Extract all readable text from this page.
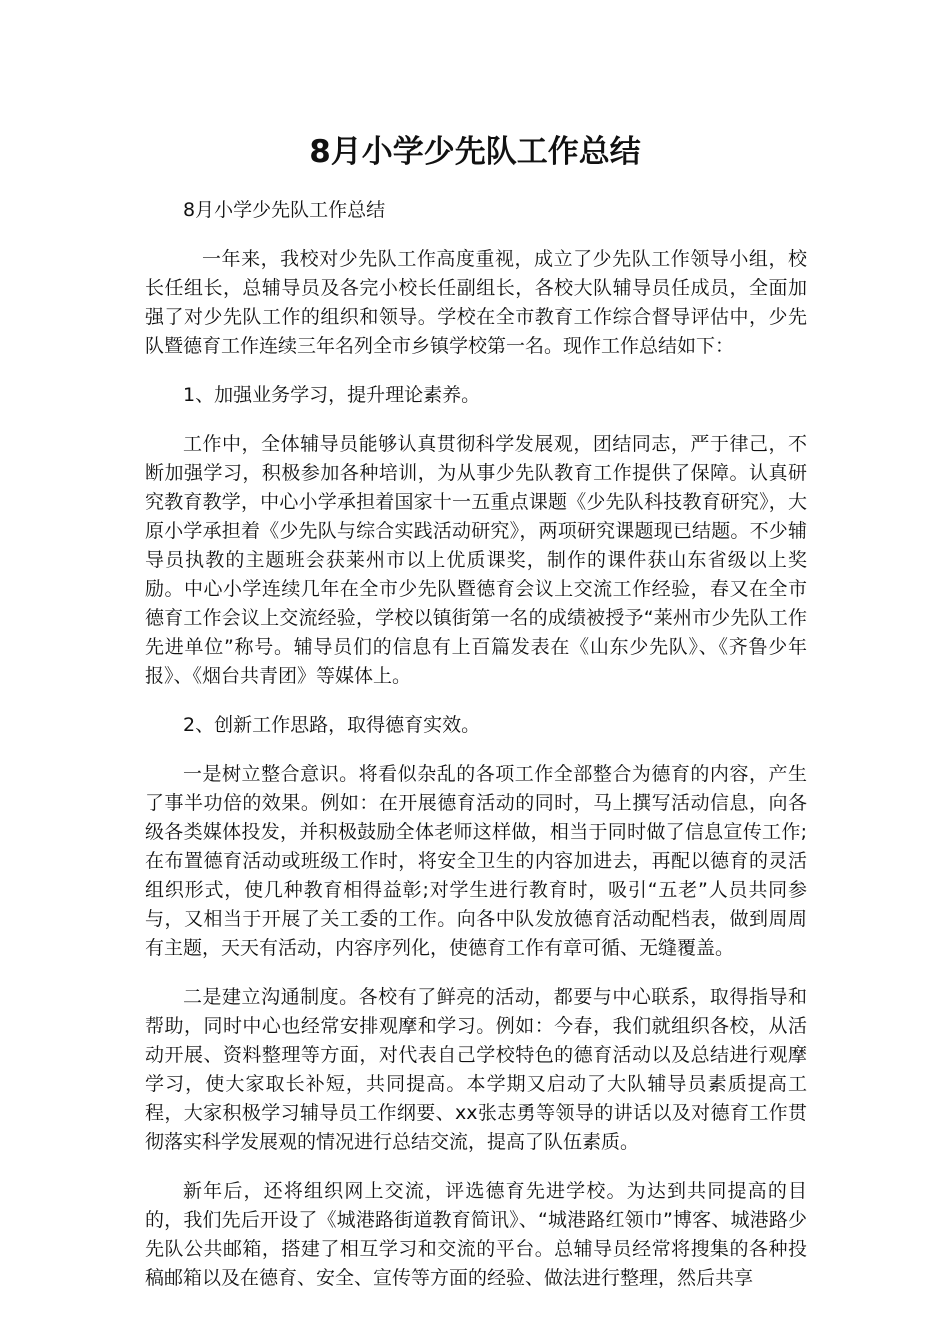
8月小学少先队工作总结

8月小学少先队工作总结

一年来，我校对少先队工作高度重视，成立了少先队工作领导小组，校长任组长，总辅导员及各完小校长任副组长，各校大队辅导员任成员，全面加强了对少先队工作的组织和领导。学校在全市教育工作综合督导评估中，少先队暨德育工作连续三年名列全市乡镇学校第一名。现作工作总结如下：

1、加强业务学习，提升理论素养。

工作中，全体辅导员能够认真贯彻科学发展观，团结同志，严于律己，不断加强学习，积极参加各种培训，为从事少先队教育工作提供了保障。认真研究教育教学，中心小学承担着国家十一五重点课题《少先队科技教育研究》，大原小学承担着《少先队与综合实践活动研究》，两项研究课题现已结题。不少辅导员执教的主题班会获莱州市以上优质课奖，制作的课件获山东省级以上奖励。中心小学连续几年在全市少先队暨德育会议上交流工作经验，春又在全市德育工作会议上交流经验，学校以镇街第一名的成绩被授予“莱州市少先队工作先进单位”称号。辅导员们的信息有上百篇发表在《山东少先队》、《齐鲁少年报》、《烟台共青团》等媒体上。

2、创新工作思路，取得德育实效。

一是树立整合意识。将看似杂乱的各项工作全部整合为德育的内容，产生了事半功倍的效果。例如：在开展德育活动的同时，马上撰写活动信息，向各级各类媒体投发，并积极鼓励全体老师这样做，相当于同时做了信息宣传工作;在布置德育活动或班级工作时，将安全卫生的内容加进去，再配以德育的灵活组织形式，使几种教育相得益彰;对学生进行教育时，吸引“五老”人员共同参与，又相当于开展了关工委的工作。向各中队发放德育活动配档表，做到周周有主题，天天有活动，内容序列化，使德育工作有章可循、无缝覆盖。

二是建立沟通制度。各校有了鲜亮的活动，都要与中心联系，取得指导和帮助，同时中心也经常安排观摩和学习。例如：今春，我们就组织各校，从活动开展、资料整理等方面，对代表自己学校特色的德育活动以及总结进行观摩学习，使大家取长补短，共同提高。本学期又启动了大队辅导员素质提高工程，大家积极学习辅导员工作纲要、xx张志勇等领导的讲话以及对德育工作贯彻落实科学发展观的情况进行总结交流，提高了队伍素质。

新年后，还将组织网上交流，评选德育先进学校。为达到共同提高的目的，我们先后开设了《城港路街道教育简讯》、“城港路红领巾”博客、城港路少先队公共邮箱，搭建了相互学习和交流的平台。总辅导员经常将搜集的各种投稿邮箱以及在德育、安全、宣传等方面的经验、做法进行整理，然后共享
